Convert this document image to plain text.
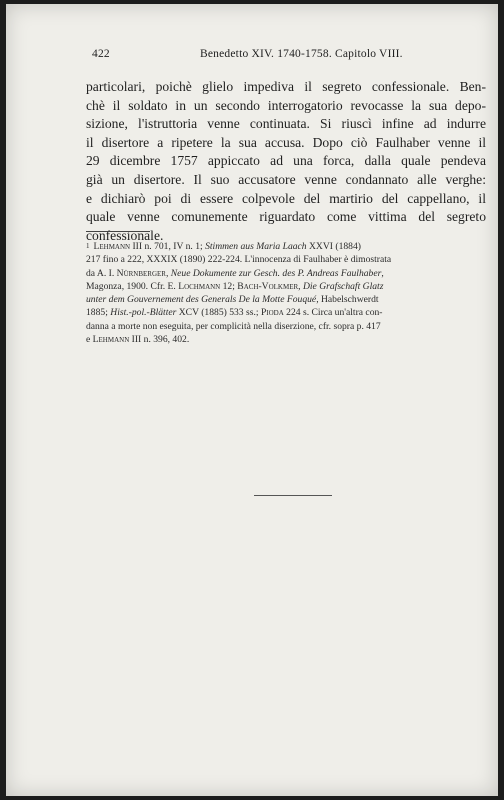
422	Benedetto XIV. 1740-1758. Capitolo VIII.
particolari, poichè glielo impediva il segreto confessionale. Ben-
chè il soldato in un secondo interrogatorio revocasse la sua depo-
sizione, l'istruttoria venne continuata. Si riuscì infine ad indurre
il disertore a ripetere la sua accusa. Dopo ciò Faulhaber venne il
29 dicembre 1757 appiccato ad una forca, dalla quale pendeva
già un disertore. Il suo accusatore venne condannato alle verghe:
e dichiarò poi di essere colpevole del martirio del cappellano, il
quale venne comunemente riguardato come vittima del segreto
confessionale.
$^1$ Lehmann III n. 701, IV n. 1; Stimmen aus Maria Laach XXVI (1884)
217 fino a 222, XXXIX (1890) 222-224. L'innocenza di Faulhaber è dimostrata
da A. I. Nürnberger, Neue Dokumente zur Gesch. des P. Andreas Faulhaber,
Magonza, 1900. Cfr. E. Lochmann 12; Bach-Volkmer, Die Grafschaft Glatz
unter dem Gouvernement des Generals De la Motte Fouqué, Habelschwerdt
1885; Hist.-pol.-Blätter XCV (1885) 533 ss.; Pioda 224 s. Circa un'altra con-
danna a morte non eseguita, per complicità nella diserzione, cfr. sopra p. 417
e Lehmann III n. 396, 402.
